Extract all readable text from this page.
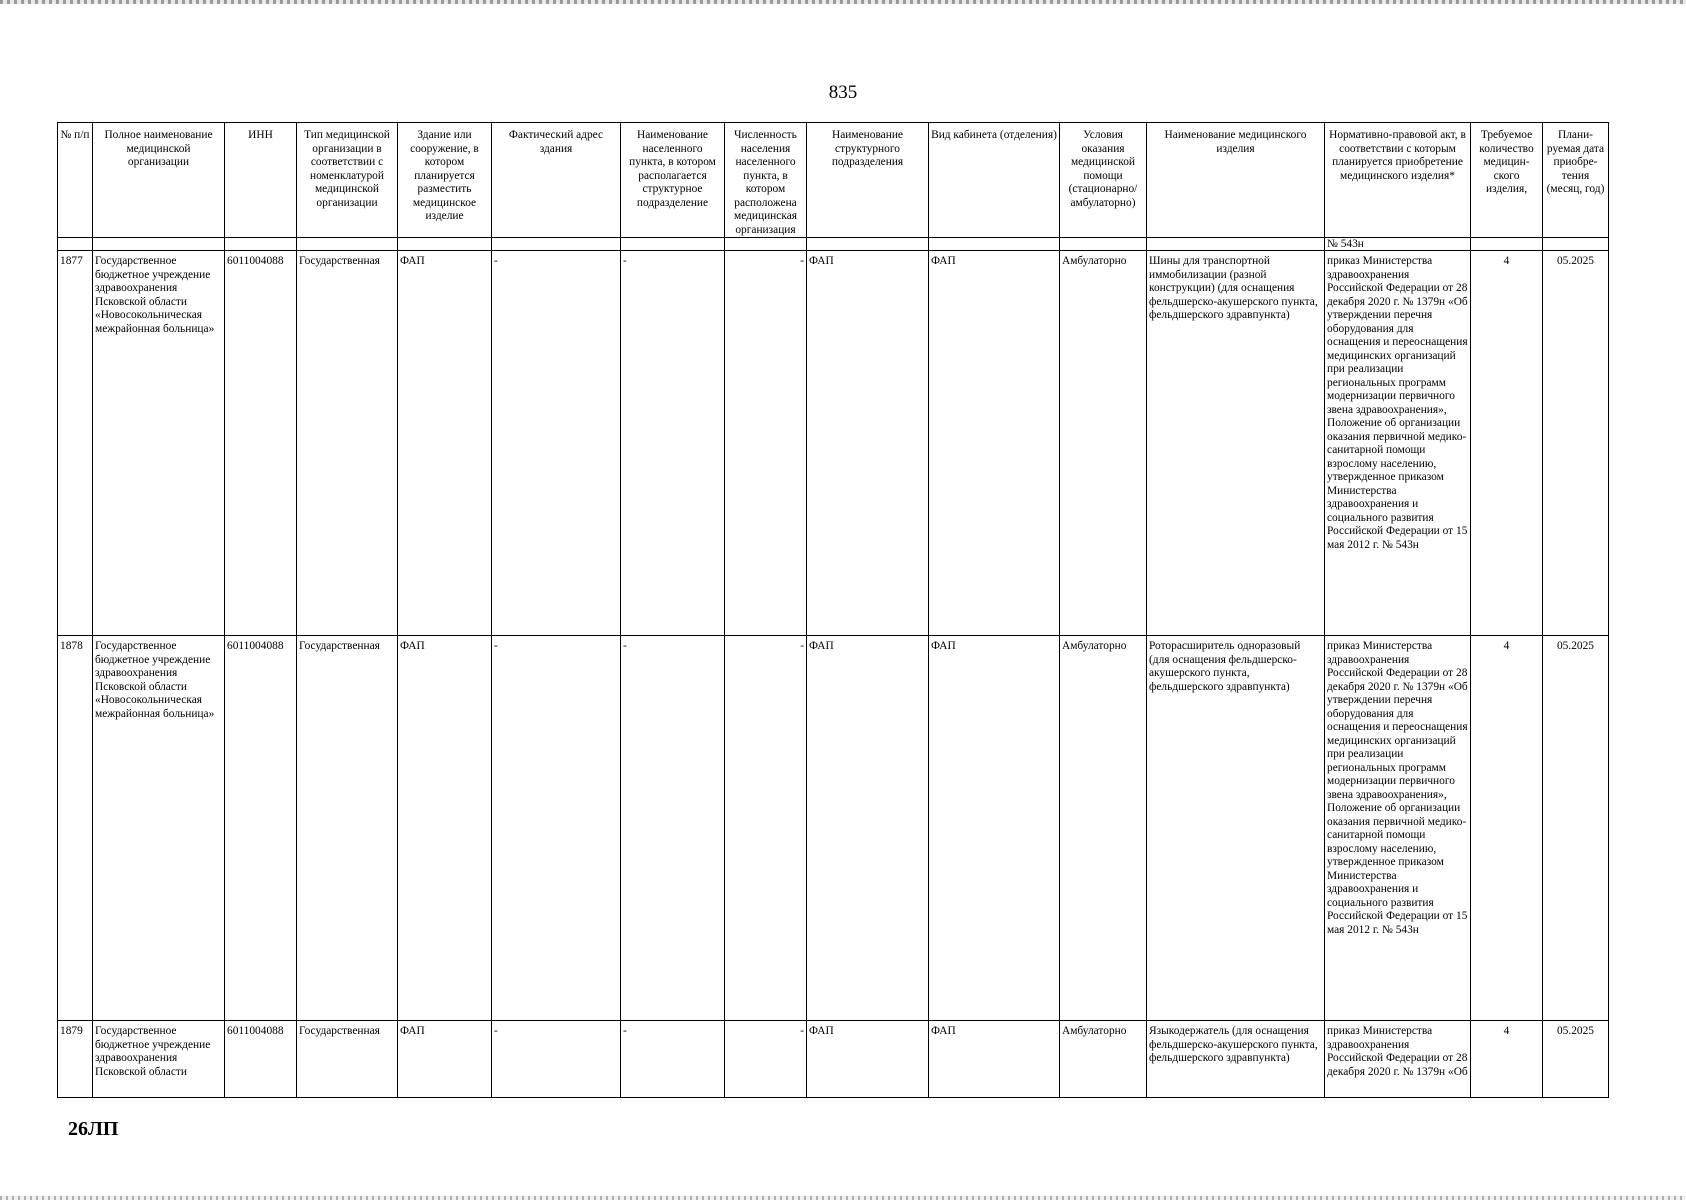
835
№ п/п	Полное наименование медицинской организации	ИНН	Тип медицинской организации в соответствии с номенклатурой медицинской организации	Здание или сооружение, в котором планируется разместить медицинское изделие	Фактический адрес здания	Наименование населенного пункта, в котором располагается структурное подразделение	Численность населения населенного пункта, в котором расположена медицинская организация	Наименование структурного подразделения	Вид кабинета (отделения)	Условия оказания медицинской помощи (стационарно/ амбулаторно)	Наименование медицинского изделия	Нормативно-правовой акт, в соответствии с которым планируется приобретение медицинского изделия*	Требуемое количество медицин-ского изделия,	Плани-руемая дата приобре-тения (месяц, год)
												№ 543н		
1877	Государственное бюджетное учреждение здравоохранения Псковской области «Новосокольническая межрайонная больница»	6011004088	Государственная	ФАП	-	-	-	ФАП	ФАП	Амбулаторно	Шины для транспортной иммобилизации (разной конструкции) (для оснащения фельдшерско-акушерского пункта, фельдшерского здравпункта)	приказ Министерства здравоохранения Российской Федерации от 28 декабря 2020 г. № 1379н «Об утверждении перечня оборудования для оснащения и переоснащения медицинских организаций при реализации региональных программ модернизации первичного звена здравоохранения», Положение об организации оказания первичной медико-санитарной помощи взрослому населению, утвержденное приказом Министерства здравоохранения и социального развития Российской Федерации от 15 мая 2012 г. № 543н	4	05.2025
1878	Государственное бюджетное учреждение здравоохранения Псковской области «Новосокольническая межрайонная больница»	6011004088	Государственная	ФАП	-	-	-	ФАП	ФАП	Амбулаторно	Роторасширитель одноразовый (для оснащения фельдшерско-акушерского пункта, фельдшерского здравпункта)	приказ Министерства здравоохранения Российской Федерации от 28 декабря 2020 г. № 1379н «Об утверждении перечня оборудования для оснащения и переоснащения медицинских организаций при реализации региональных программ модернизации первичного звена здравоохранения», Положение об организации оказания первичной медико-санитарной помощи взрослому населению, утвержденное приказом Министерства здравоохранения и социального развития Российской Федерации от 15 мая 2012 г. № 543н	4	05.2025
1879	Государственное бюджетное учреждение здравоохранения Псковской области	6011004088	Государственная	ФАП	-	-	-	ФАП	ФАП	Амбулаторно	Языкодержатель (для оснащения фельдшерско-акушерского пункта, фельдшерского здравпункта)	приказ Министерства здравоохранения Российской Федерации от 28 декабря 2020 г. № 1379н «Об	4	05.2025
26ЛП
